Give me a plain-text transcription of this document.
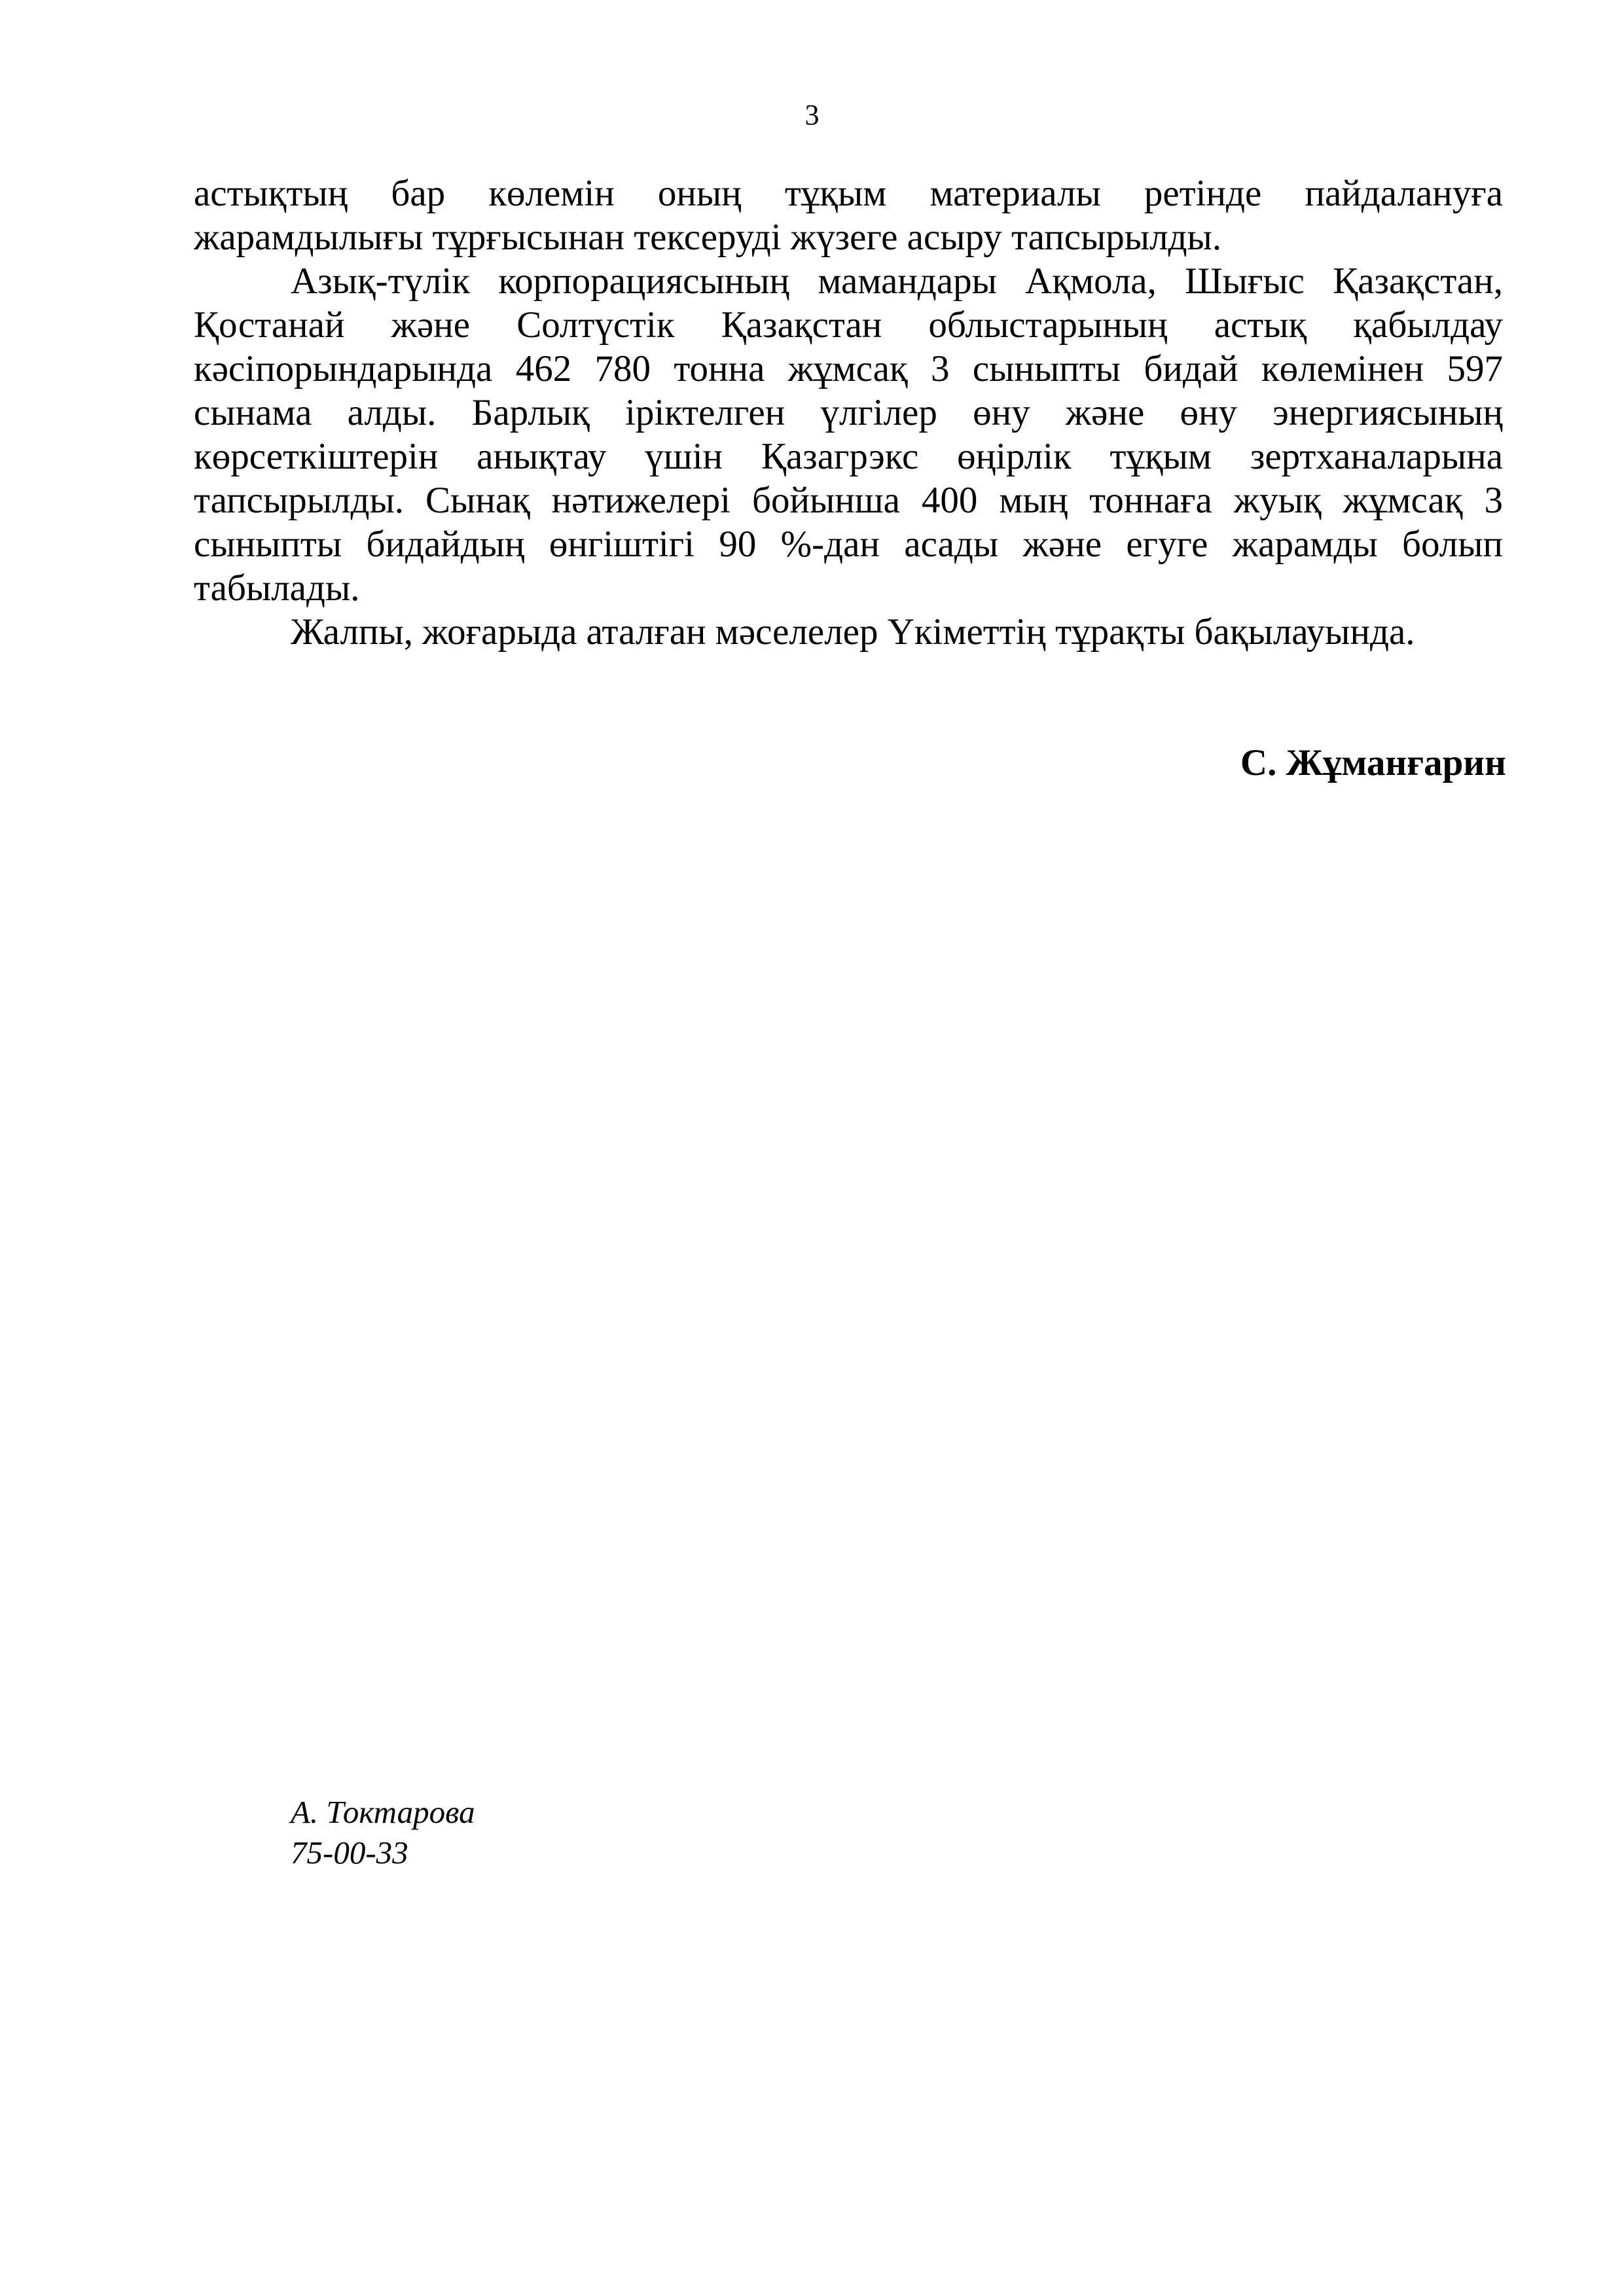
3

астықтың бар көлемін оның тұқым материалы ретінде пайдалануға жарамдылығы тұрғысынан тексеруді жүзеге асыру тапсырылды.

Азық-түлік корпорациясының мамандары Ақмола, Шығыс Қазақстан, Қостанай және Солтүстік Қазақстан облыстарының астық қабылдау кәсіпорындарында 462 780 тонна жұмсақ 3 сыныпты бидай көлемінен 597 сынама алды. Барлық іріктелген үлгілер өну және өну энергиясының көрсеткіштерін анықтау үшін Қазагрэкс өңірлік тұқым зертханаларына тапсырылды. Сынақ нәтижелері бойынша 400 мың тоннаға жуық жұмсақ 3 сыныпты бидайдың өнгіштігі 90 %-дан асады және егуге жарамды болып табылады.

Жалпы, жоғарыда аталған мәселелер Үкіметтің тұрақты бақылауында.

С. Жұманғарин
А. Токтарова
75-00-33
